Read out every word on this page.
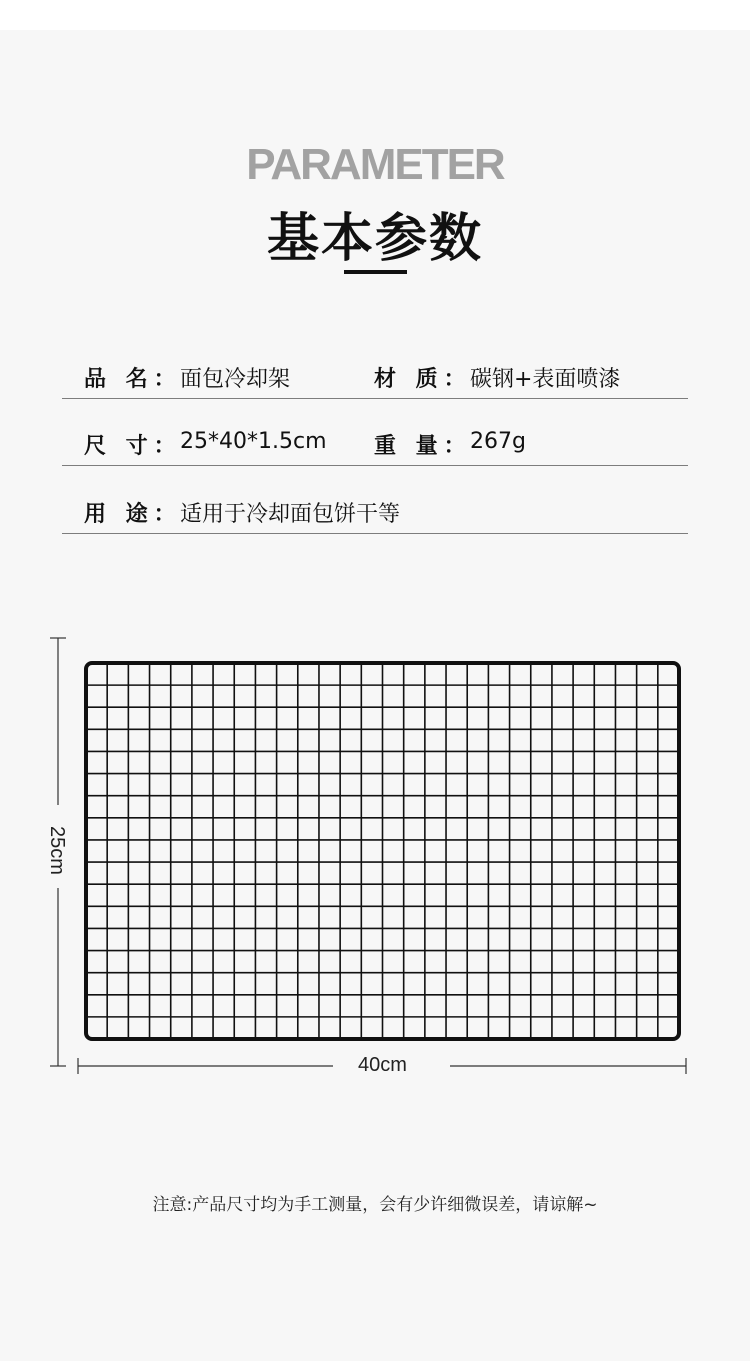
PARAMETER
基本参数
品 名：
面包冷却架	材 质：
碳钢+表面喷漆
尺 寸：
25*40*1.5cm 重 量：
267g
用 途：
适用于冷却面包饼干等
25cm
40cm
注意:产品尺寸均为手工测量，会有少许细微误差，请谅解~
